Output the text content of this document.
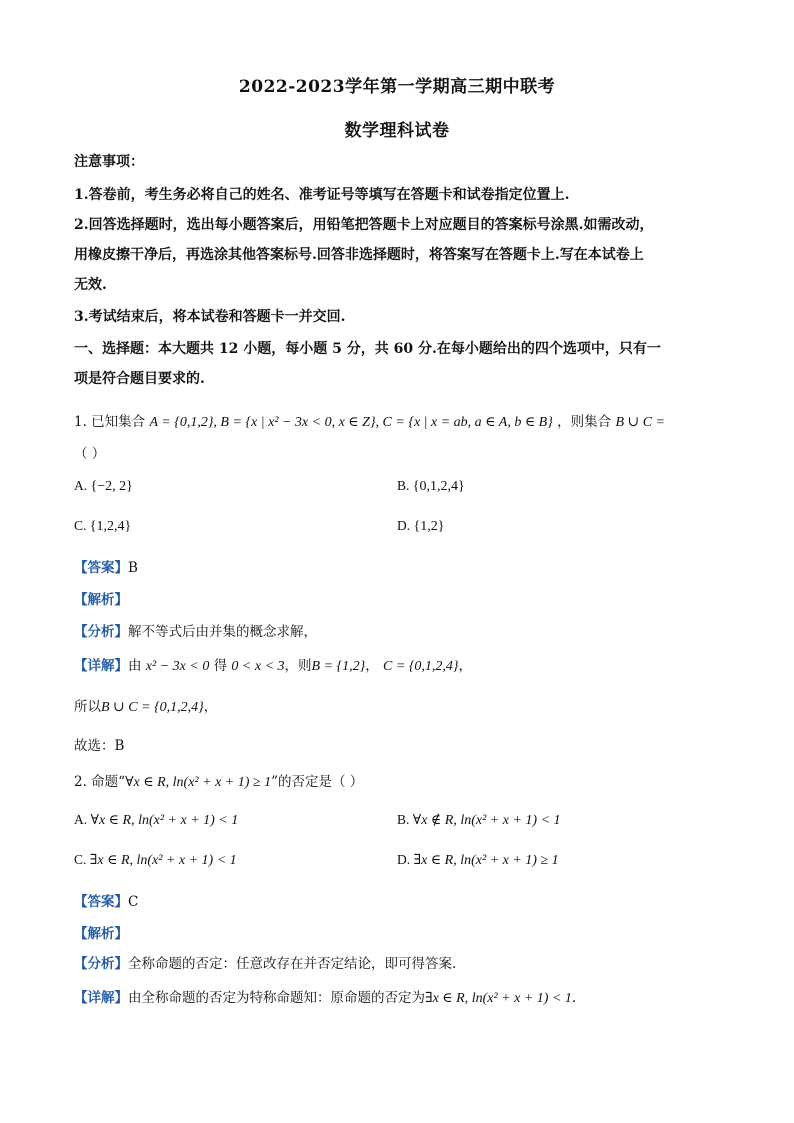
2022-2023学年第一学期高三期中联考
数学理科试卷
注意事项：
1.答卷前，考生务必将自己的姓名、准考证号等填写在答题卡和试卷指定位置上.
2.回答选择题时，选出每小题答案后，用铅笔把答题卡上对应题目的答案标号涂黑.如需改动，
用橡皮擦干净后，再选涂其他答案标号.回答非选择题时，将答案写在答题卡上.写在本试卷上
无效.
3.考试结束后，将本试卷和答题卡一并交回.
一、选择题：本大题共 12 小题，每小题 5 分，共 60 分.在每小题给出的四个选项中，只有一
项是符合题目要求的.
1. 已知集合 A = {0,1,2}, B = {x | x² − 3x < 0, x ∈ Z}, C = {x | x = ab, a ∈ A, b ∈ B} ，则集合 B ∪ C =
（ ）
A. {−2, 2}	B. {0,1,2,4}
C. {1,2,4}	D. {1,2}
【答案】B
【解析】
【分析】解不等式后由并集的概念求解，
【详解】由 x² − 3x < 0 得 0 < x < 3，则B = {1,2}， C = {0,1,2,4}，
所以B ∪ C = {0,1,2,4}，
故选：B
2. 命题“∀x ∈ R, ln(x² + x + 1) ≥ 1”的否定是（ ）
A. ∀x ∈ R, ln(x² + x + 1) < 1	B. ∀x ∉ R, ln(x² + x + 1) < 1
C. ∃x ∈ R, ln(x² + x + 1) < 1	D. ∃x ∈ R, ln(x² + x + 1) ≥ 1
【答案】C
【解析】
【分析】全称命题的否定：任意改存在并否定结论，即可得答案.
【详解】由全称命题的否定为特称命题知：原命题的否定为∃x ∈ R, ln(x² + x + 1) < 1.
